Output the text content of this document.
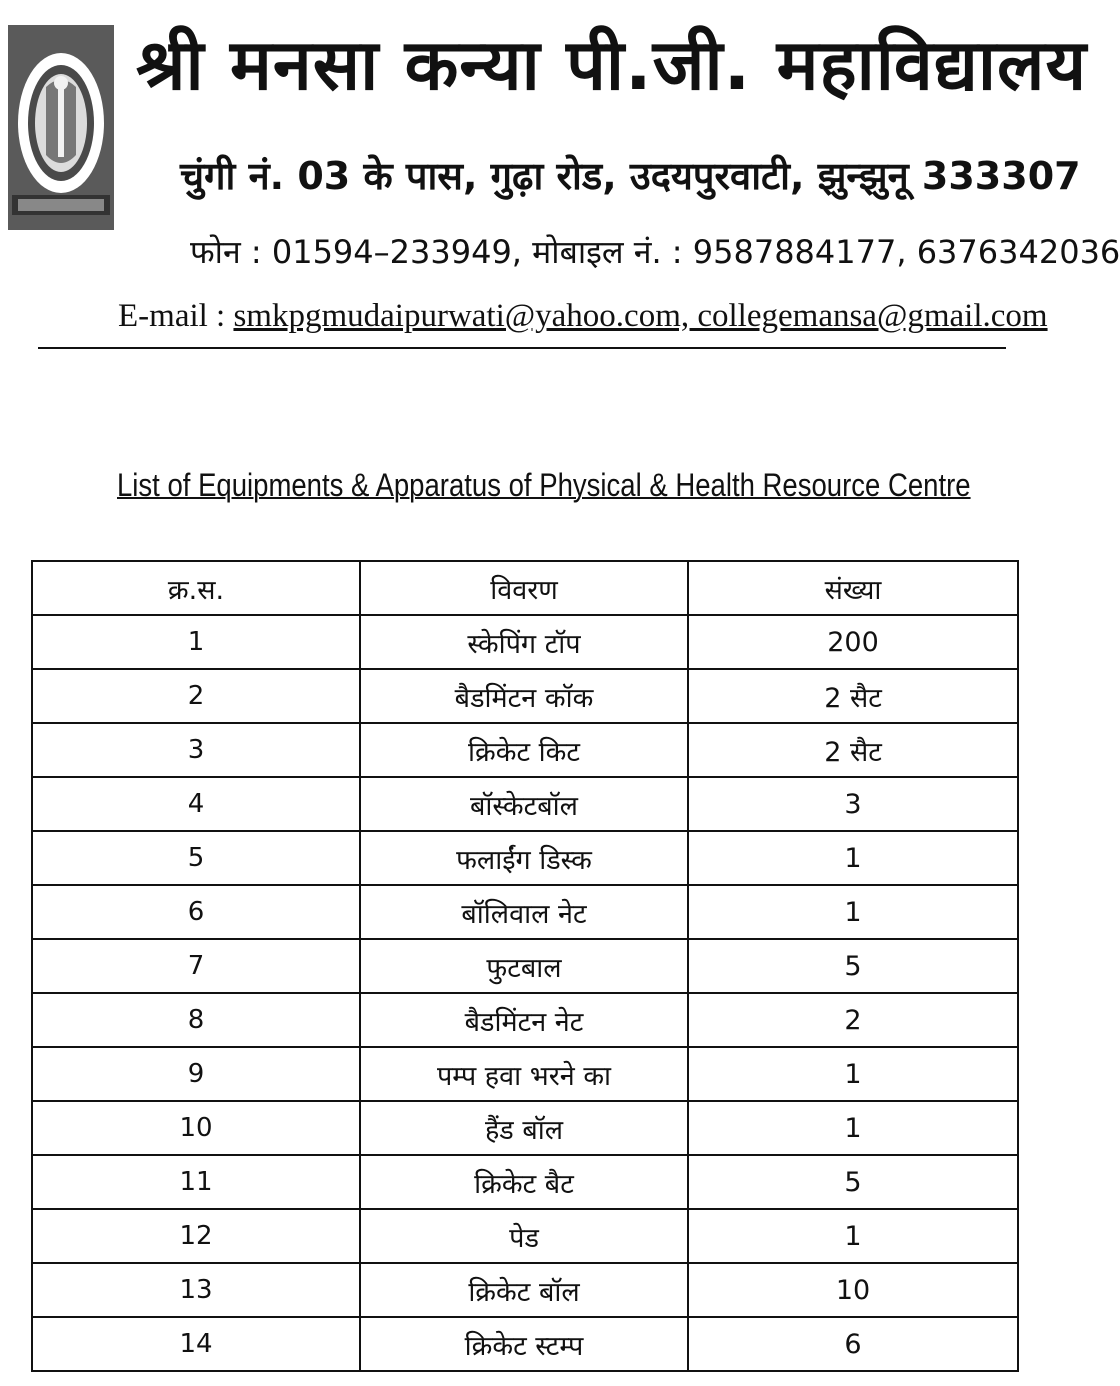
श्री मनसा कन्या पी.जी. महाविद्यालय
चुंगी नं. 03 के पास, गुढ़ा रोड, उदयपुरवाटी, झुन्झुनू 333307
फोन : 01594–233949, मोबाइल नं. : 9587884177, 6376342036
E-mail : smkpgmudaipurwati@yahoo.com, collegemansa@gmail.com
List of Equipments & Apparatus of Physical & Health Resource Centre
क्र.स.	विवरण	संख्या
1	स्केपिंग टॉप	200
2	बैडमिंटन कॉक	2 सैट
3	क्रिकेट किट	2 सैट
4	बॉस्केटबॉल	3
5	फलाईंग डिस्क	1
6	बॉलिवाल नेट	1
7	फुटबाल	5
8	बैडमिंटन नेट	2
9	पम्प हवा भरने का	1
10	हैंड बॉल	1
11	क्रिकेट बैट	5
12	पेड	1
13	क्रिकेट बॉल	10
14	क्रिकेट स्टम्प	6
